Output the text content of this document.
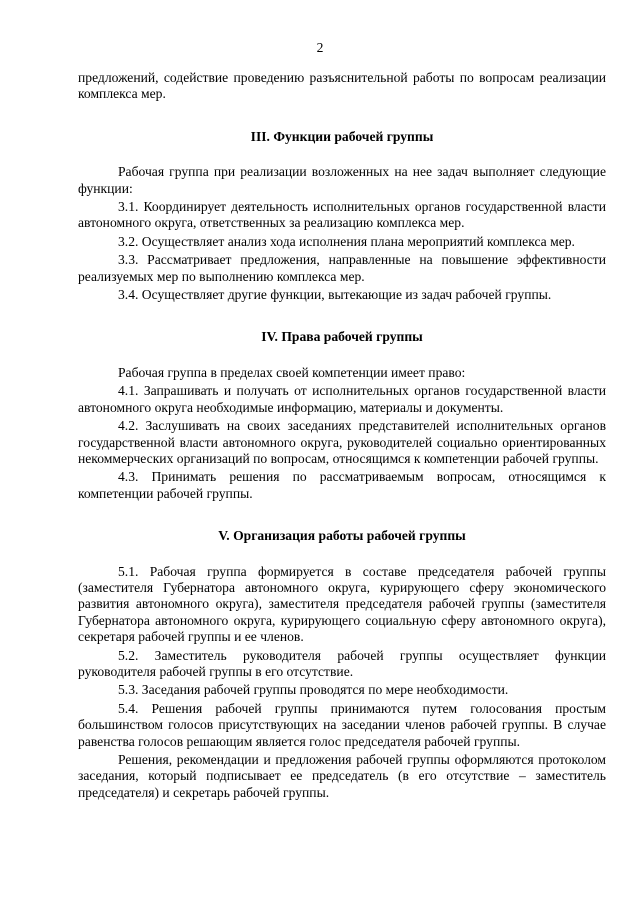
2

предложений, содействие проведению разъяснительной работы по вопросам реализации комплекса мер.

III. Функции рабочей группы

Рабочая группа при реализации возложенных на нее задач выполняет следующие функции:

3.1. Координирует деятельность исполнительных органов государственной власти автономного округа, ответственных за реализацию комплекса мер.

3.2. Осуществляет анализ хода исполнения плана мероприятий комплекса мер.

3.3. Рассматривает предложения, направленные на повышение эффективности реализуемых мер по выполнению комплекса мер.

3.4. Осуществляет другие функции, вытекающие из задач рабочей группы.

IV. Права рабочей группы

Рабочая группа в пределах своей компетенции имеет право:

4.1. Запрашивать и получать от исполнительных органов государственной власти автономного округа необходимые информацию, материалы и документы.

4.2. Заслушивать на своих заседаниях представителей исполнительных органов государственной власти автономного округа, руководителей социально ориентированных некоммерческих организаций по вопросам, относящимся к компетенции рабочей группы.

4.3. Принимать решения по рассматриваемым вопросам, относящимся к компетенции рабочей группы.

V. Организация работы рабочей группы

5.1. Рабочая группа формируется в составе председателя рабочей группы (заместителя Губернатора автономного округа, курирующего сферу экономического развития автономного округа), заместителя председателя рабочей группы (заместителя Губернатора автономного округа, курирующего социальную сферу автономного округа), секретаря рабочей группы и ее членов.

5.2. Заместитель руководителя рабочей группы осуществляет функции руководителя рабочей группы в его отсутствие.

5.3. Заседания рабочей группы проводятся по мере необходимости.

5.4. Решения рабочей группы принимаются путем голосования простым большинством голосов присутствующих на заседании членов рабочей группы. В случае равенства голосов решающим является голос председателя рабочей группы.

Решения, рекомендации и предложения рабочей группы оформляются протоколом заседания, который подписывает ее председатель (в его отсутствие – заместитель председателя) и секретарь рабочей группы.
